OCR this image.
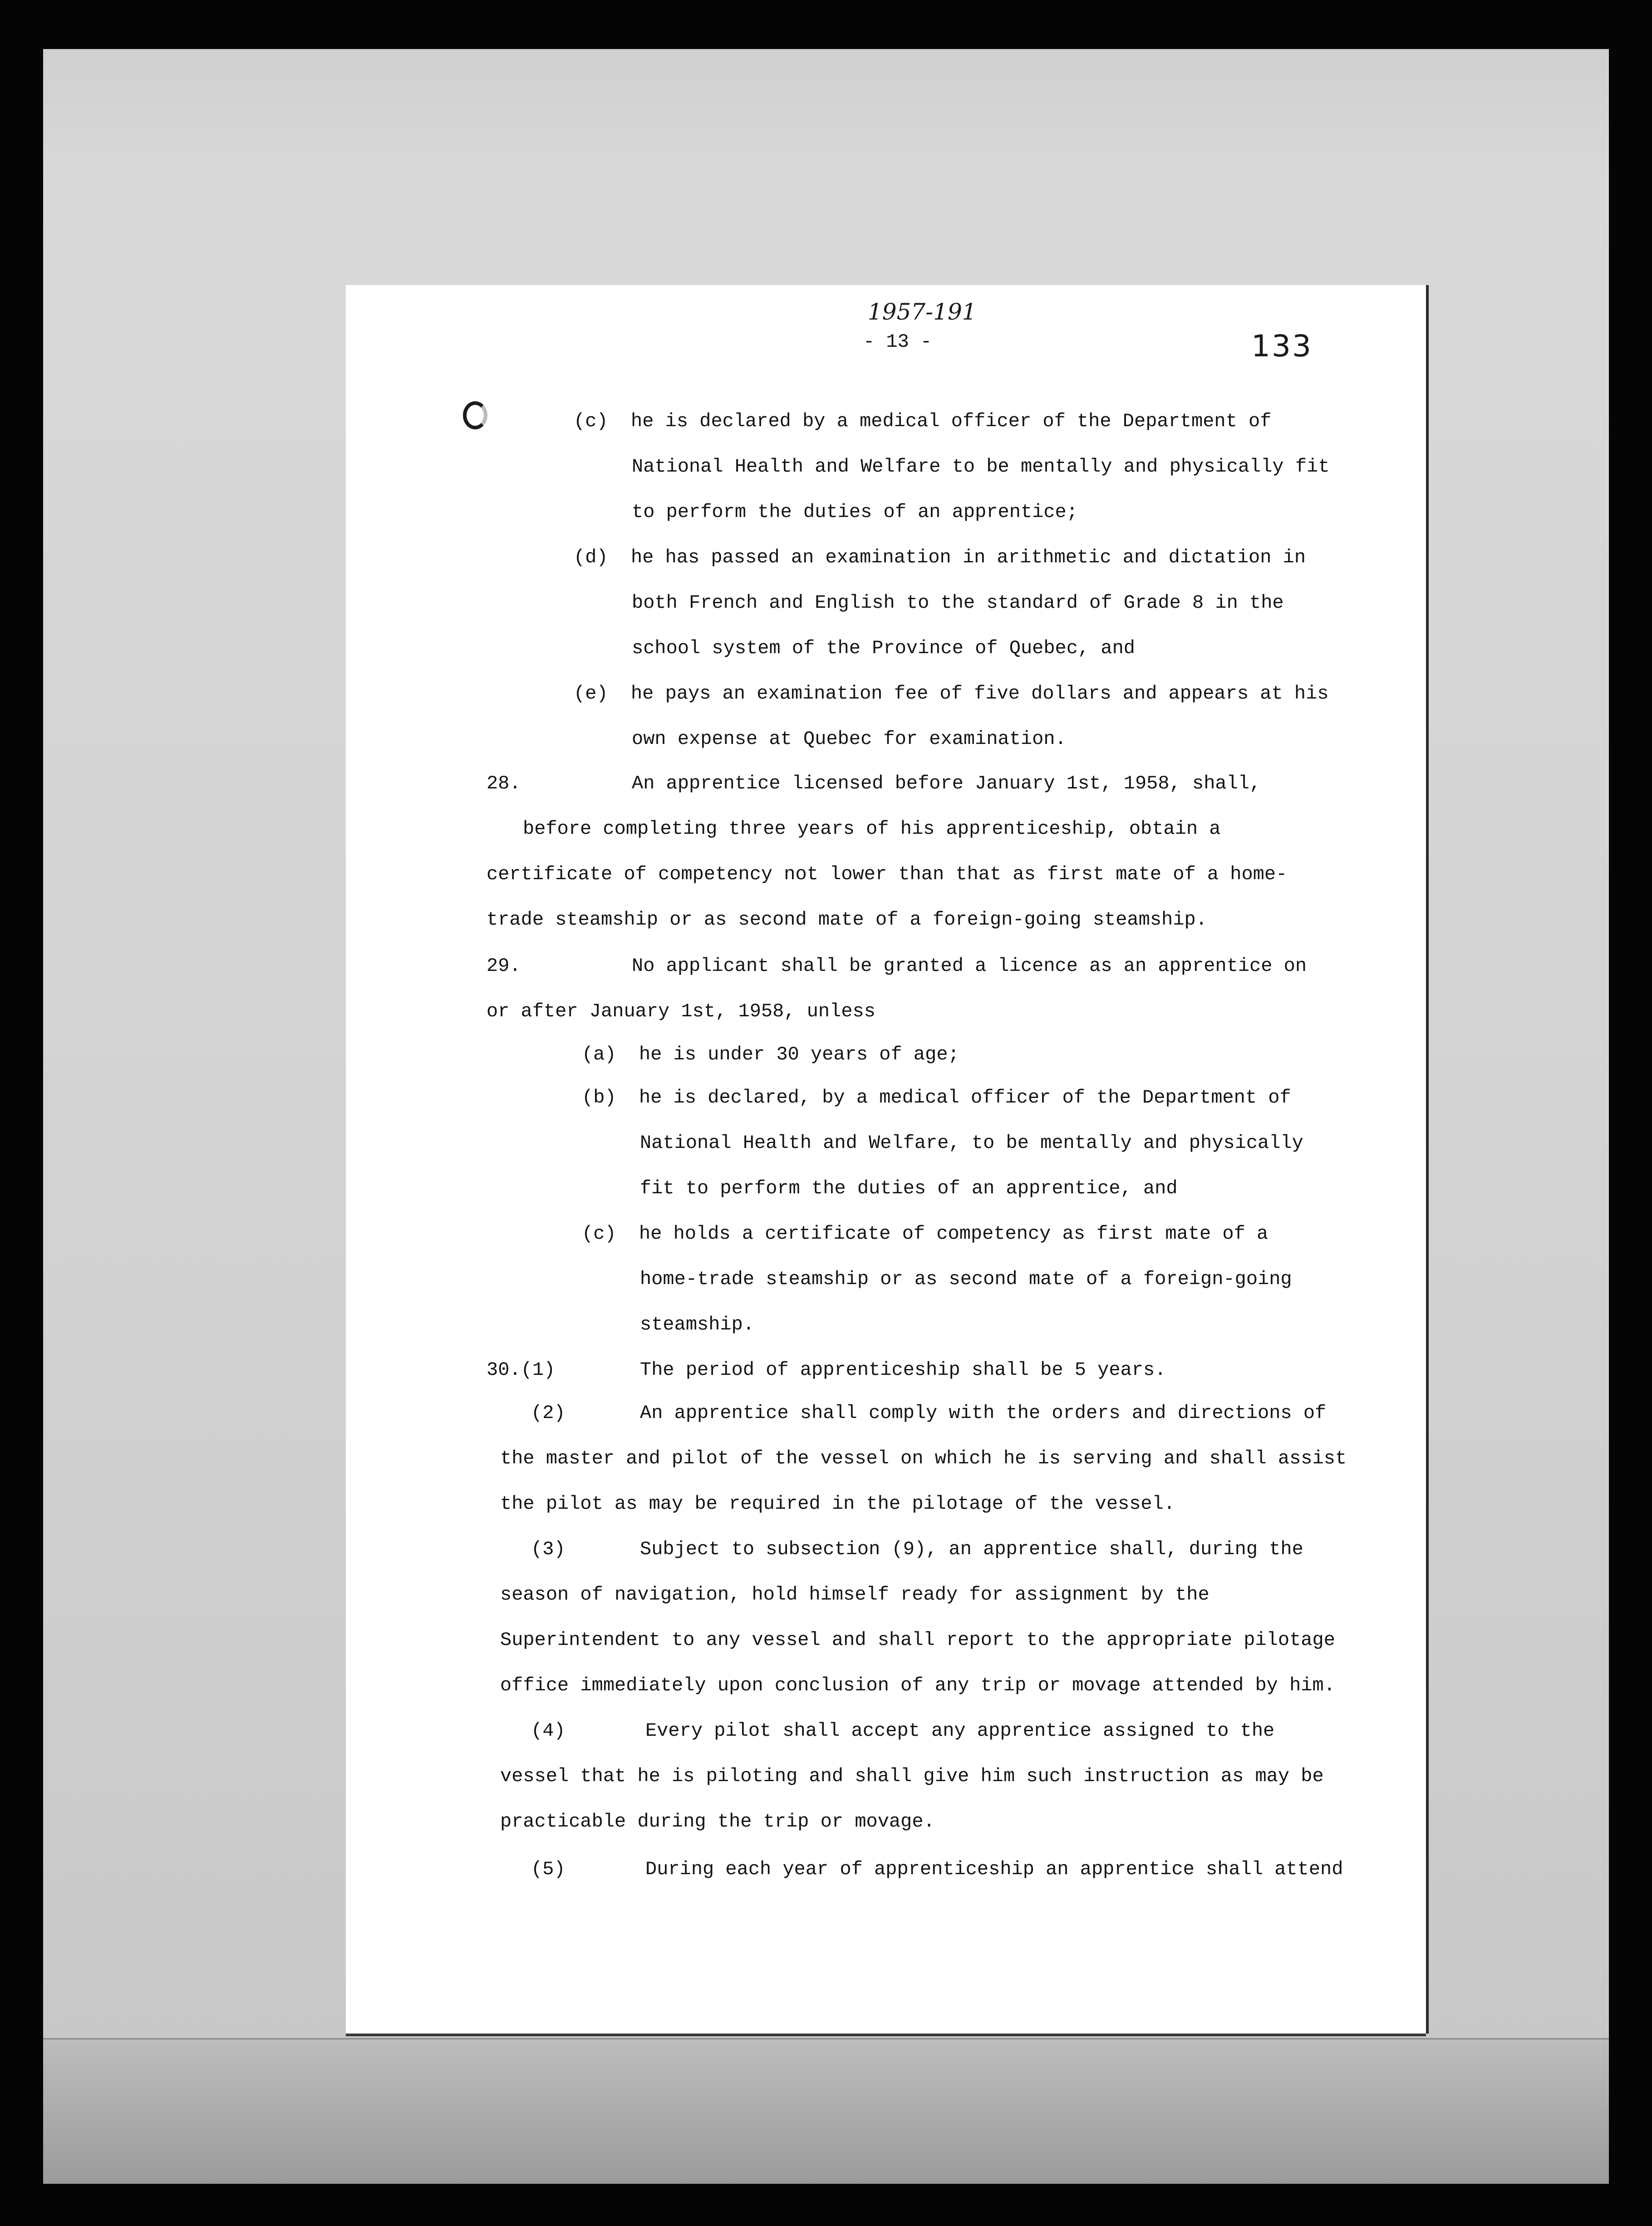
1957-191
- 13 -	133
(c)  he is declared by a medical officer of the Department of
National Health and Welfare to be mentally and physically fit
to perform the duties of an apprentice;
(d)  he has passed an examination in arithmetic and dictation in
both French and English to the standard of Grade 8 in the
school system of the Province of Quebec, and
(e)  he pays an examination fee of five dollars and appears at his
own expense at Quebec for examination.
28.	An apprentice licensed before January 1st, 1958, shall,
before completing three years of his apprenticeship, obtain a
certificate of competency not lower than that as first mate of a home-
trade steamship or as second mate of a foreign-going steamship.
29.	No applicant shall be granted a licence as an apprentice on
or after January 1st, 1958, unless
(a)  he is under 30 years of age;
(b)  he is declared, by a medical officer of the Department of
National Health and Welfare, to be mentally and physically
fit to perform the duties of an apprentice, and
(c)  he holds a certificate of competency as first mate of a
home-trade steamship or as second mate of a foreign-going
steamship.
30.(1)	The period of apprenticeship shall be 5 years.
(2)	An apprentice shall comply with the orders and directions of
the master and pilot of the vessel on which he is serving and shall assist
the pilot as may be required in the pilotage of the vessel.
(3)	Subject to subsection (9), an apprentice shall, during the
season of navigation, hold himself ready for assignment by the
Superintendent to any vessel and shall report to the appropriate pilotage
office immediately upon conclusion of any trip or movage attended by him.
(4)	Every pilot shall accept any apprentice assigned to the
vessel that he is piloting and shall give him such instruction as may be
practicable during the trip or movage.
(5)	During each year of apprenticeship an apprentice shall attend
